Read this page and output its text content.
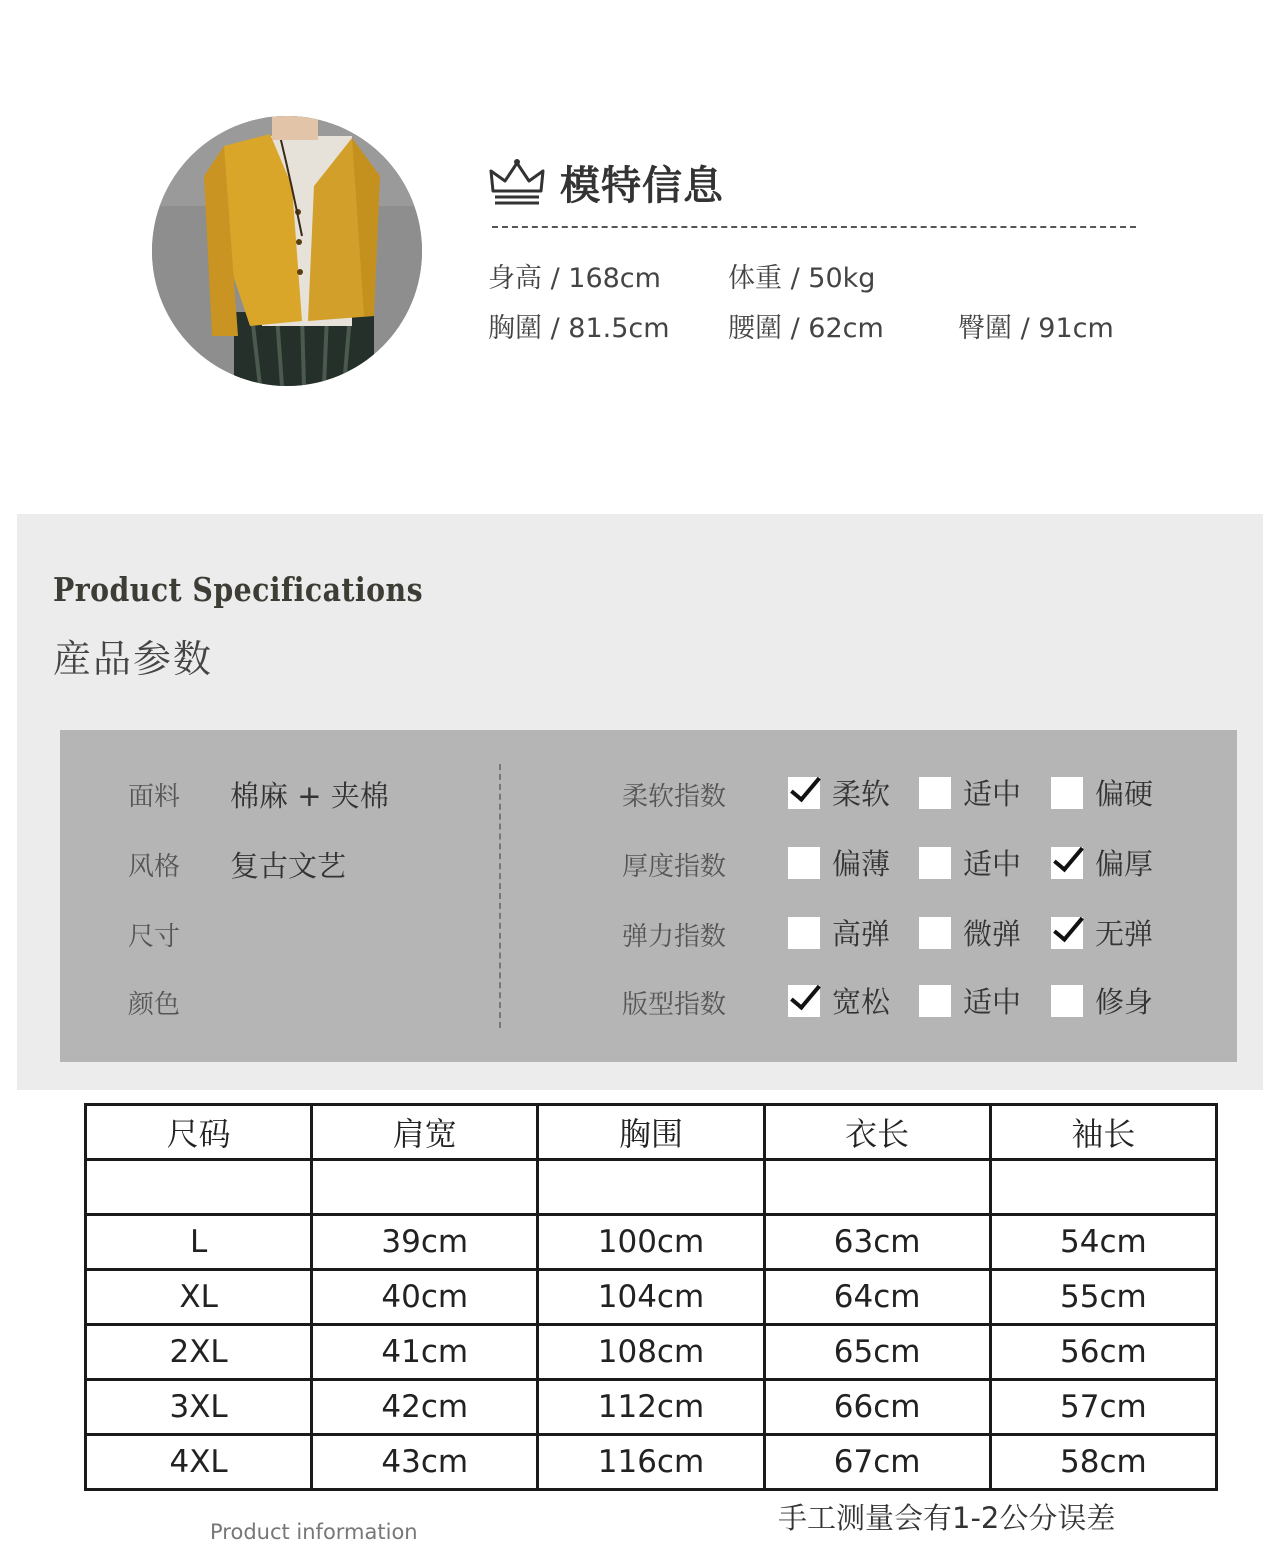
模特信息
身高 / 168cm 体重 / 50kg
胸圍 / 81.5cm 腰圍 / 62cm	臀圍 / 91cm
Product Specifications
産品参数
面料 棉麻 + 夹棉
风格 复古文艺
尺寸
颜色
柔软指数	柔软	适中	偏硬
厚度指数	偏薄	适中	偏厚
弹力指数	高弹	微弹	无弹
版型指数	宽松	适中	修身
尺码	肩宽	胸围	衣长	袖长

L	39cm	100cm	63cm	54cm
XL	40cm	104cm	64cm	55cm
2XL	41cm	108cm	65cm	56cm
3XL	42cm	112cm	66cm	57cm
4XL	43cm	116cm	67cm	58cm
Product information	手工测量会有1-2公分误差
